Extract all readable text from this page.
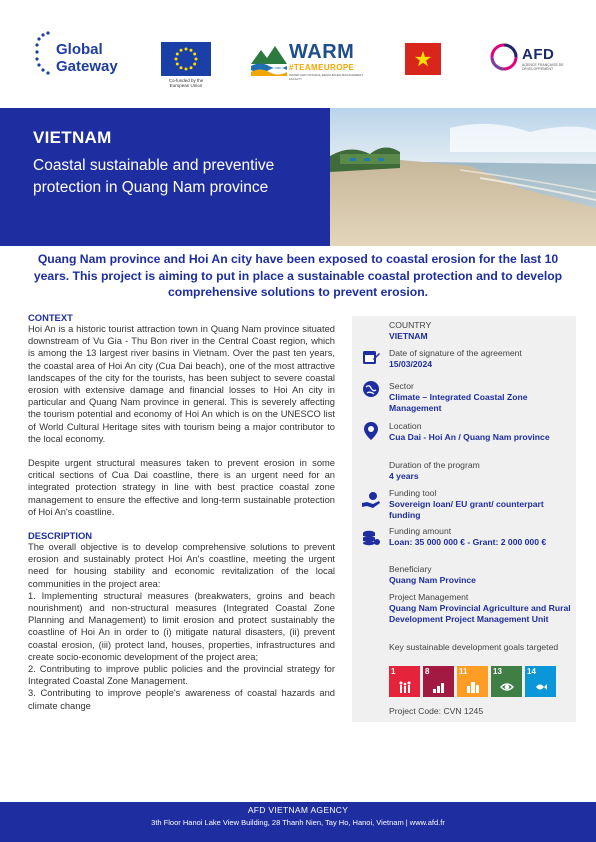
Global Gateway
Co-funded by the European Union
WARM
#TEAMEUROPE
WATER AND NATURAL RESOURCES MANAGEMENT FACILITY
AFD
AGENCE FRANÇAISE DE DÉVELOPPEMENT
VIETNAM
Coastal sustainable and preventive protection in Quang Nam province
Quang Nam province and Hoi An city have been exposed to coastal erosion for the last 10 years. This project is aiming to put in place a sustainable coastal protection and to develop comprehensive solutions to prevent erosion.
CONTEXT
Hoi An is a historic tourist attraction town in Quang Nam province situated downstream of Vu Gia - Thu Bon river in the Central Coast region, which is among the 13 largest river basins in Vietnam. Over the past ten years, the coastal area of Hoi An city (Cua Dai beach), one of the most attractive landscapes of the city for the tourists, has been subject to severe coastal erosion with extensive damage and financial losses to Hoi An city in particular and Quang Nam province in general. This is severely affecting the tourism potential and economy of Hoi An which is on the UNESCO list of World Cultural Heritage sites with tourism being a major contributor to the local economy.
Despite urgent structural measures taken to prevent erosion in some critical sections of Cua Dai coastline, there is an urgent need for an integrated protection strategy in line with best practice coastal zone management to ensure the effective and long-term sustainable protection of Hoi An's coastline.
DESCRIPTION
The overall objective is to develop comprehensive solutions to prevent erosion and sustainably protect Hoi An's coastline, meeting the urgent need for housing stability and economic revitalization of the local communities in the project area:
1. Implementing structural measures (breakwaters, groins and beach nourishment) and non-structural measures (Integrated Coastal Zone Planning and Management) to limit erosion and protect sustainably the coastline of Hoi An in order to (i) mitigate natural disasters, (ii) prevent coastal erosion, (iii) protect land, houses, properties, infrastructures and create socio-economic development of the project area;
2. Contributing to improve public policies and the provincial strategy for Integrated Coastal Zone Management.
3. Contributing to improve people's awareness of coastal hazards and climate change
COUNTRY
VIETNAM
Date of signature of the agreement
15/03/2024
Sector
Climate – Integrated Coastal Zone Management
Location
Cua Dai - Hoi An / Quang Nam province
Duration of the program
4 years
Funding tool
Sovereign loan/ EU grant/ counterpart funding
Funding amount
Loan: 35 000 000 € - Grant: 2 000 000 €
Beneficiary
Quang Nam Province
Project Management
Quang Nam Provincial Agriculture and Rural Development Project Management Unit
Key sustainable development goals targeted
1	8	11	13	14
Project Code: CVN 1245
AFD VIETNAM AGENCY
3th Floor Hanoi Lake View Building, 28 Thanh Nien, Tay Ho, Hanoi, Vietnam | www.afd.fr
